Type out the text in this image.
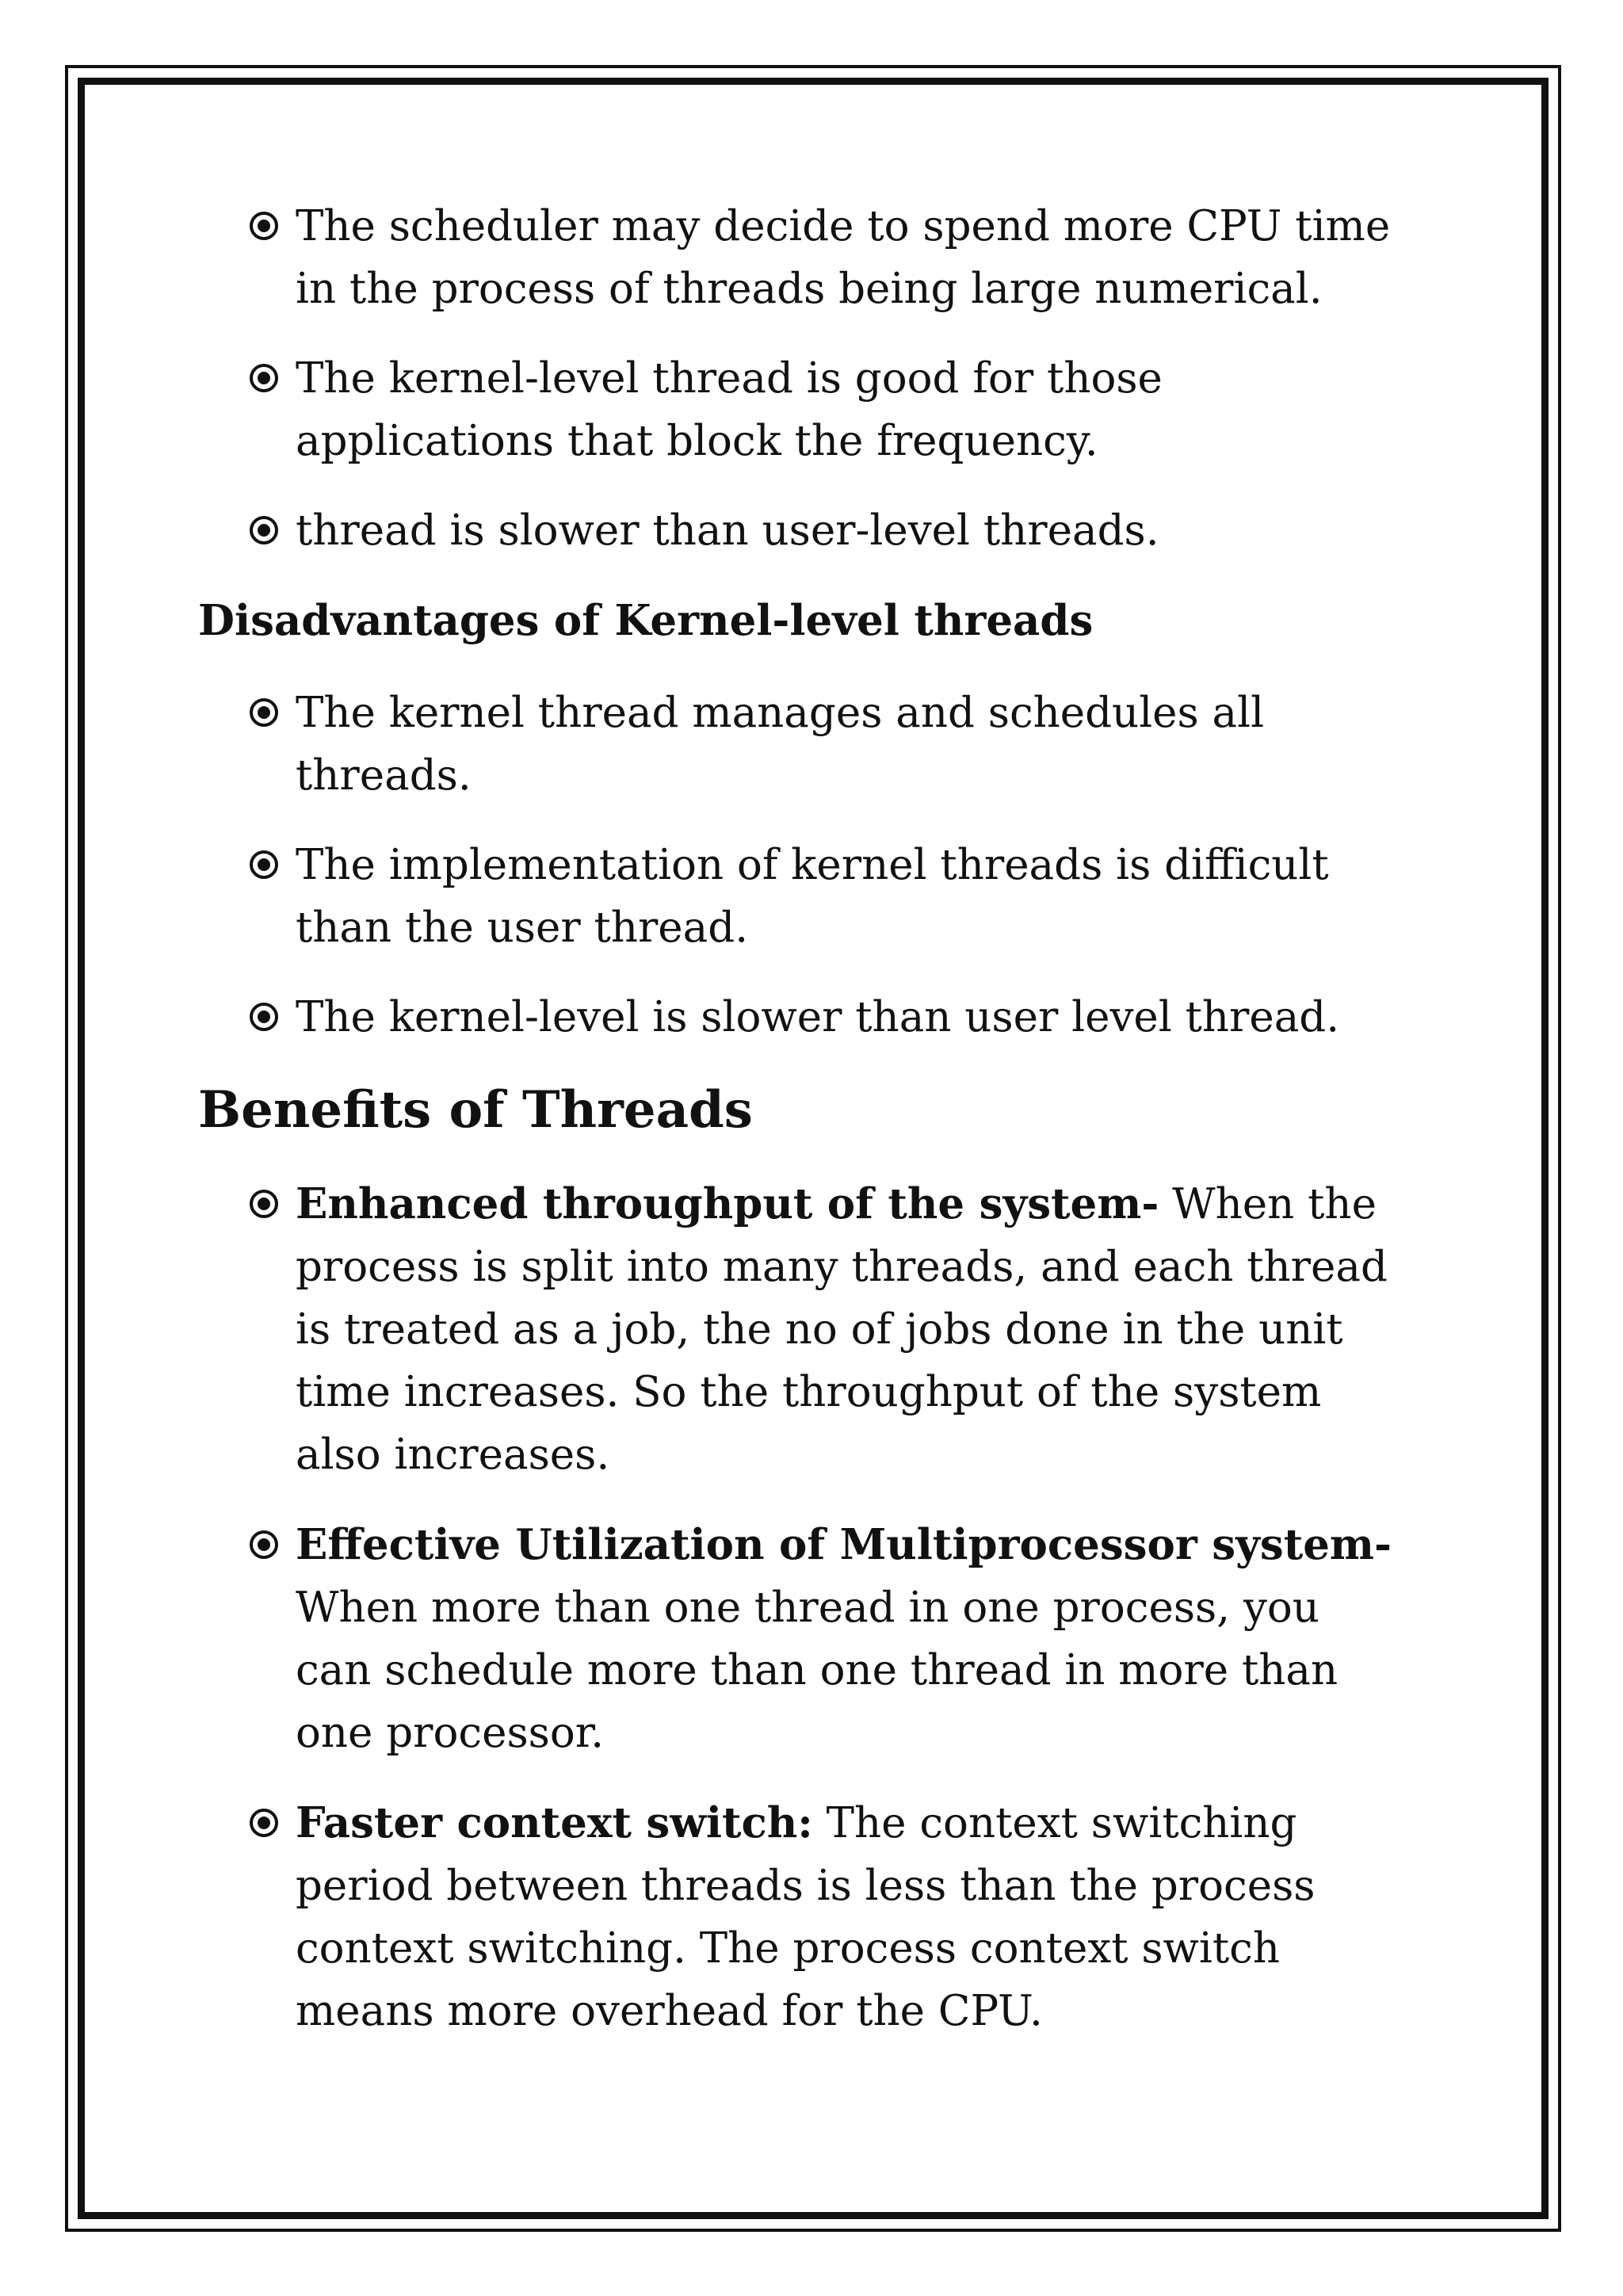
The scheduler may decide to spend more CPU time
in the process of threads being large numerical.
The kernel-level thread is good for those
applications that block the frequency.
thread is slower than user-level threads.
Disadvantages of Kernel-level threads
The kernel thread manages and schedules all
threads.
The implementation of kernel threads is difficult
than the user thread.
The kernel-level is slower than user level thread.
Benefits of Threads
Enhanced throughput of the system- When the
process is split into many threads, and each thread
is treated as a job, the no of jobs done in the unit
time increases. So the throughput of the system
also increases.
Effective Utilization of Multiprocessor system-
When more than one thread in one process, you
can schedule more than one thread in more than
one processor.
Faster context switch: The context switching
period between threads is less than the process
context switching. The process context switch
means more overhead for the CPU.
